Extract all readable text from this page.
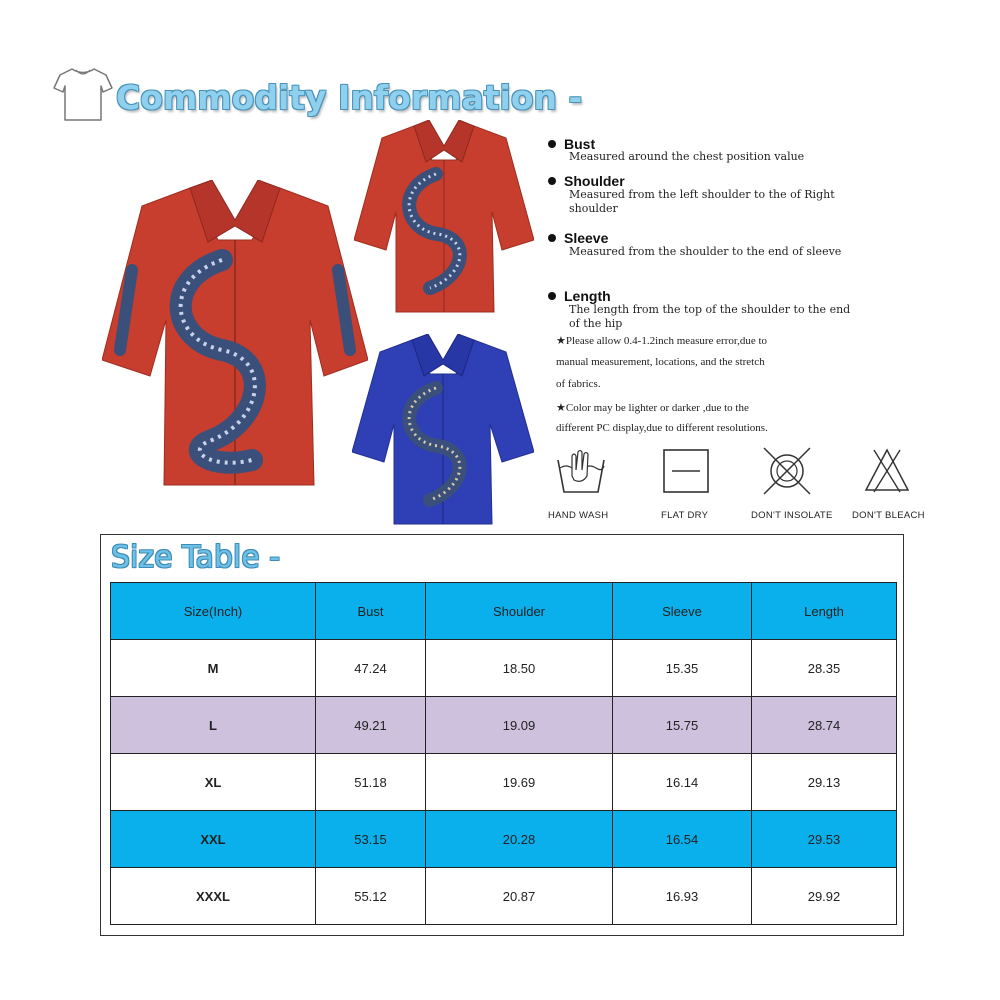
Commodity Information -
Bust
Measured around the chest position value
Shoulder
Measured from the left shoulder to the of Right shoulder
Sleeve
Measured from the shoulder to the end of sleeve
Length
The length from the top of the shoulder to the end of the hip
★Please allow 0.4-1.2inch measure error,due to
manual measurement, locations, and the stretch
of fabrics.
★Color may be lighter or darker ,due to the
different PC display,due to different resolutions.
HAND WASH	FLAT DRY	DON'T INSOLATE DON'T BLEACH
Size Table -
Size(Inch)	Bust	Shoulder	Sleeve	Length
M	47.24	18.50	15.35	28.35
L	49.21	19.09	15.75	28.74
XL	51.18	19.69	16.14	29.13
XXL	53.15	20.28	16.54	29.53
XXXL	55.12	20.87	16.93	29.92
